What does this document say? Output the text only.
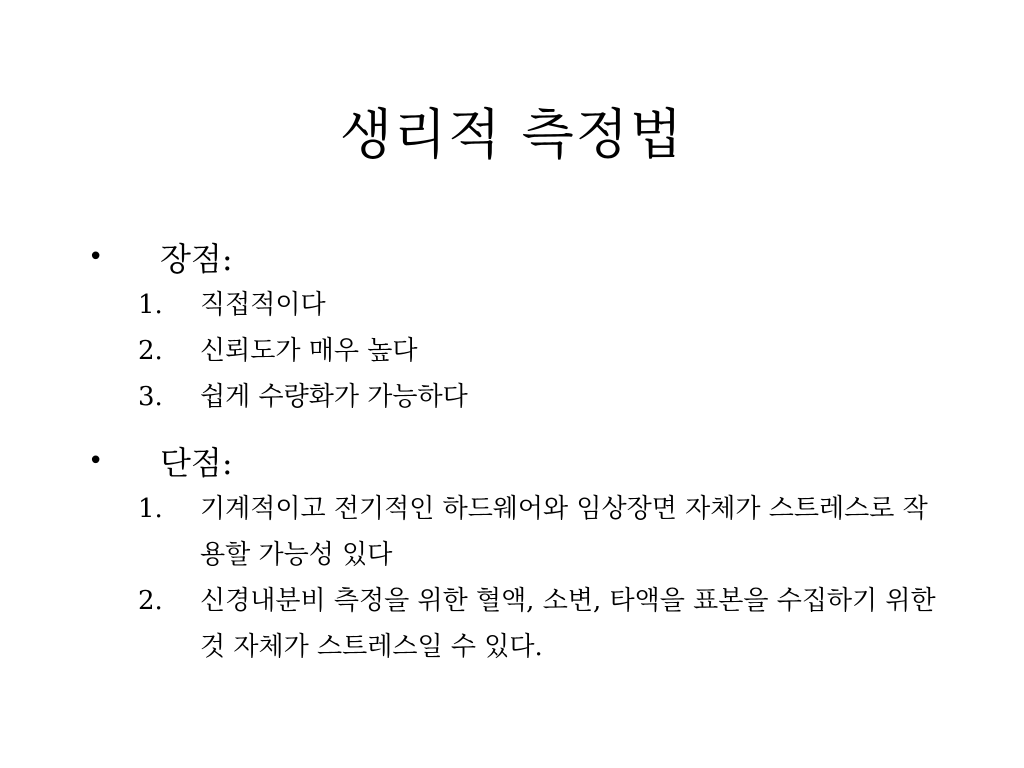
생리적 측정법
•	장점:
1.	직접적이다
2.	신뢰도가 매우 높다
3.	쉽게 수량화가 가능하다
•	단점:
1.	기계적이고 전기적인 하드웨어와 임상장면 자체가 스트레스로 작용할 가능성 있다
2.	신경내분비 측정을 위한 혈액, 소변, 타액을 표본을 수집하기 위한 것 자체가 스트레스일 수 있다.
